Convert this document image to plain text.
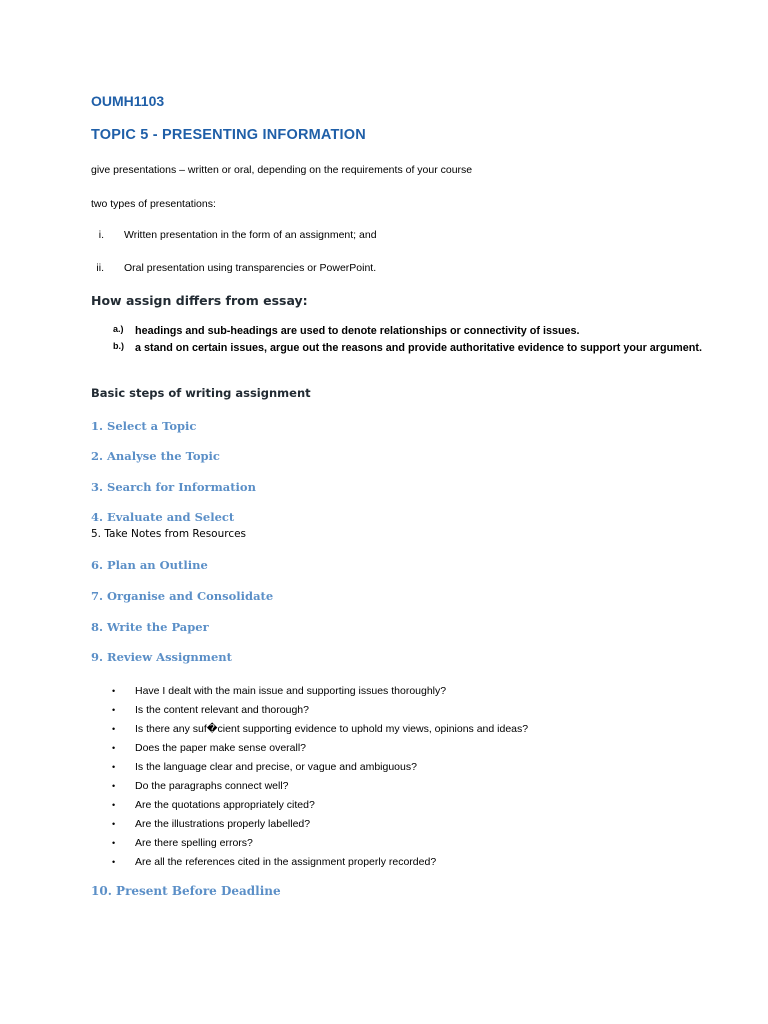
OUMH1103
TOPIC 5 - PRESENTING INFORMATION

give presentations – written or oral, depending on the requirements of your course

two types of presentations:

i. Written presentation in the form of an assignment; and
ii. Oral presentation using transparencies or PowerPoint.
How assign differs from essay:
a.) headings and sub-headings are used to denote relationships or connectivity of issues.
b.) a stand on certain issues, argue out the reasons and provide authoritative evidence to support your argument.
Basic steps of writing assignment
1. Select a Topic
2. Analyse the Topic
3. Search for Information
4. Evaluate and Select

5. Take Notes from Resources

6. Plan an Outline
7. Organise and Consolidate
8. Write the Paper
9. Review Assignment
• Have I dealt with the main issue and supporting issues thoroughly?
• Is the content relevant and thorough?
• Is there any suf�cient supporting evidence to uphold my views, opinions and ideas?
• Does the paper make sense overall?
• Is the language clear and precise, or vague and ambiguous?
• Do the paragraphs connect well?
• Are the quotations appropriately cited?
• Are the illustrations properly labelled?
• Are there spelling errors?
• Are all the references cited in the assignment properly recorded?
10. Present Before Deadline
